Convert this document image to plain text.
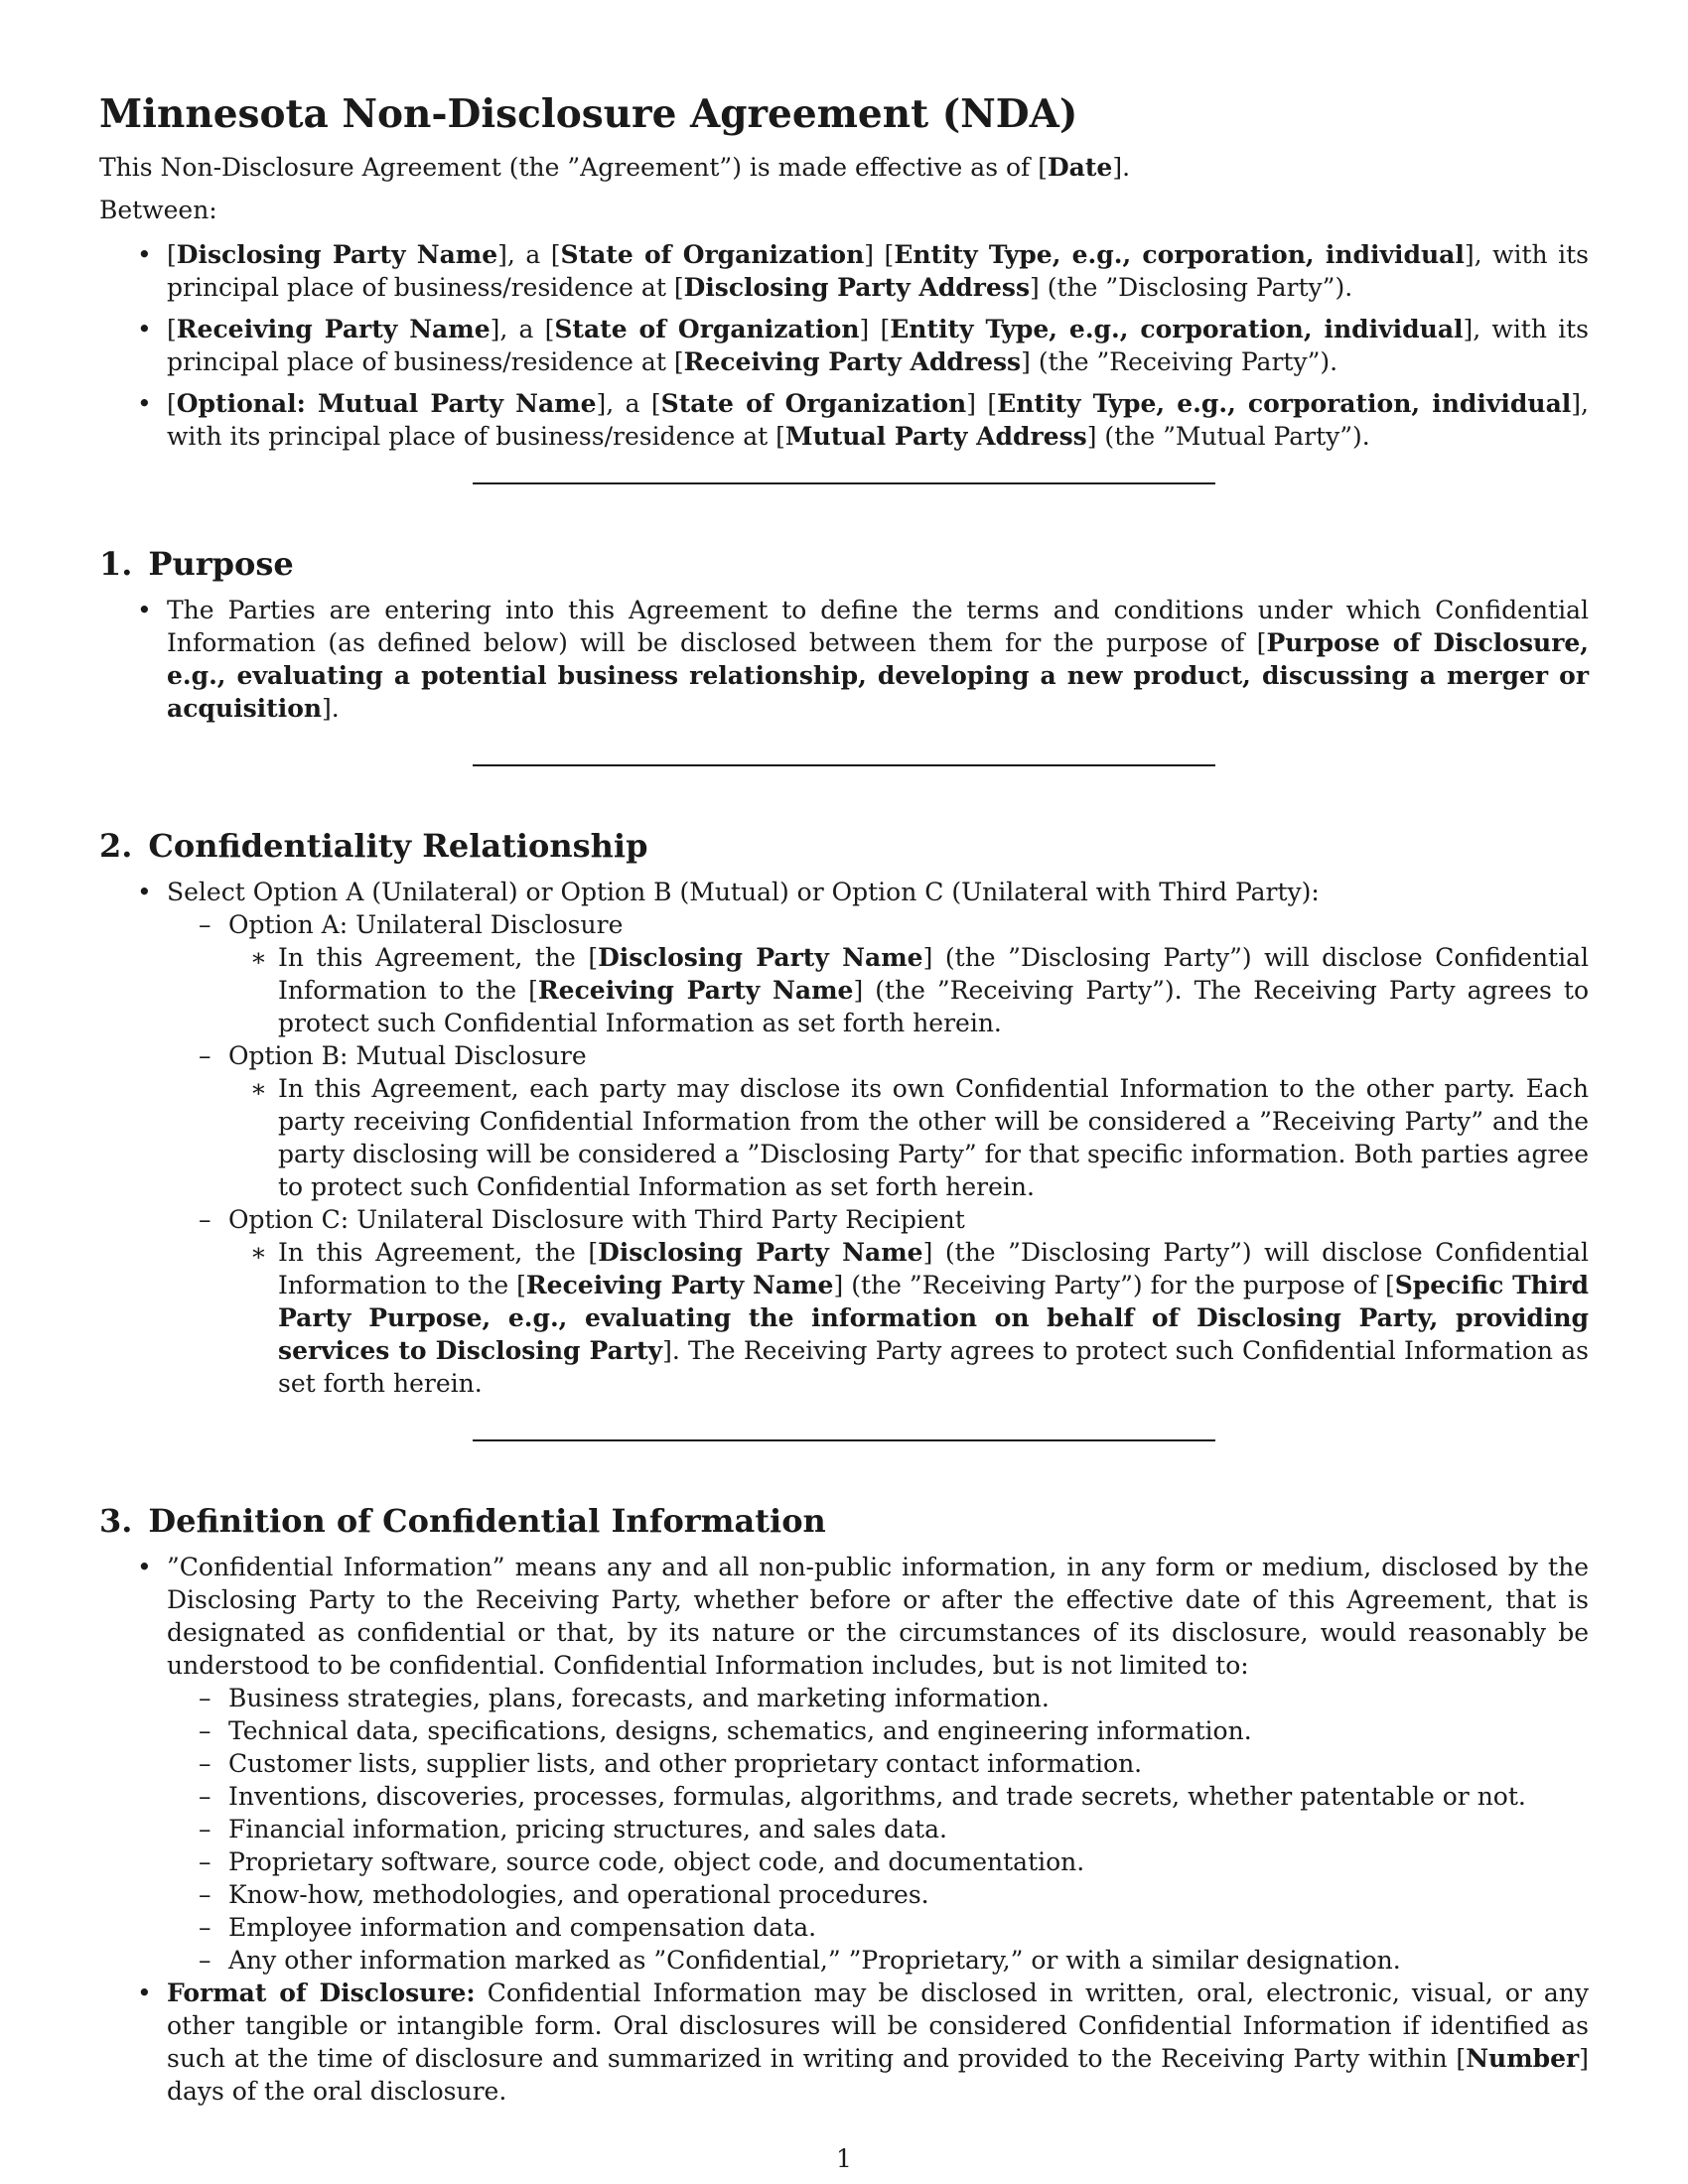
Minnesota Non-Disclosure Agreement (NDA)

This Non-Disclosure Agreement (the ”Agreement”) is made effective as of [Date].

Between:

• [Disclosing Party Name], a [State of Organization] [Entity Type, e.g., corporation, individual], with its principal place of business/residence at [Disclosing Party Address] (the ”Disclosing Party”).
• [Receiving Party Name], a [State of Organization] [Entity Type, e.g., corporation, individual], with its principal place of business/residence at [Receiving Party Address] (the ”Receiving Party”).
• [Optional: Mutual Party Name], a [State of Organization] [Entity Type, e.g., corporation, individual], with its principal place of business/residence at [Mutual Party Address] (the ”Mutual Party”).
1. Purpose
• The Parties are entering into this Agreement to define the terms and conditions under which Confidential Information (as defined below) will be disclosed between them for the purpose of [Purpose of Disclosure, e.g., evaluating a potential business relationship, developing a new product, discussing a merger or acquisition].
2. Confidentiality Relationship
• Select Option A (Unilateral) or Option B (Mutual) or Option C (Unilateral with Third Party):
– Option A: Unilateral Disclosure
∗ In this Agreement, the [Disclosing Party Name] (the ”Disclosing Party”) will disclose Confidential Information to the [Receiving Party Name] (the ”Receiving Party”). The Receiving Party agrees to protect such Confidential Information as set forth herein.
– Option B: Mutual Disclosure
∗ In this Agreement, each party may disclose its own Confidential Information to the other party. Each party receiving Confidential Information from the other will be considered a ”Receiving Party” and the party disclosing will be considered a ”Disclosing Party” for that specific information. Both parties agree to protect such Confidential Information as set forth herein.
– Option C: Unilateral Disclosure with Third Party Recipient
∗ In this Agreement, the [Disclosing Party Name] (the ”Disclosing Party”) will disclose Confidential Information to the [Receiving Party Name] (the ”Receiving Party”) for the purpose of [Specific Third Party Purpose, e.g., evaluating the information on behalf of Disclosing Party, providing services to Disclosing Party]. The Receiving Party agrees to protect such Confidential Information as set forth herein.
3. Definition of Confidential Information
• ”Confidential Information” means any and all non-public information, in any form or medium, disclosed by the Disclosing Party to the Receiving Party, whether before or after the effective date of this Agreement, that is designated as confidential or that, by its nature or the circumstances of its disclosure, would reasonably be understood to be confidential. Confidential Information includes, but is not limited to:
– Business strategies, plans, forecasts, and marketing information.
– Technical data, specifications, designs, schematics, and engineering information.
– Customer lists, supplier lists, and other proprietary contact information.
– Inventions, discoveries, processes, formulas, algorithms, and trade secrets, whether patentable or not.
– Financial information, pricing structures, and sales data.
– Proprietary software, source code, object code, and documentation.
– Know-how, methodologies, and operational procedures.
– Employee information and compensation data.
– Any other information marked as ”Confidential,” ”Proprietary,” or with a similar designation.
• Format of Disclosure: Confidential Information may be disclosed in written, oral, electronic, visual, or any other tangible or intangible form. Oral disclosures will be considered Confidential Information if identified as such at the time of disclosure and summarized in writing and provided to the Receiving Party within [Number] days of the oral disclosure.
1
